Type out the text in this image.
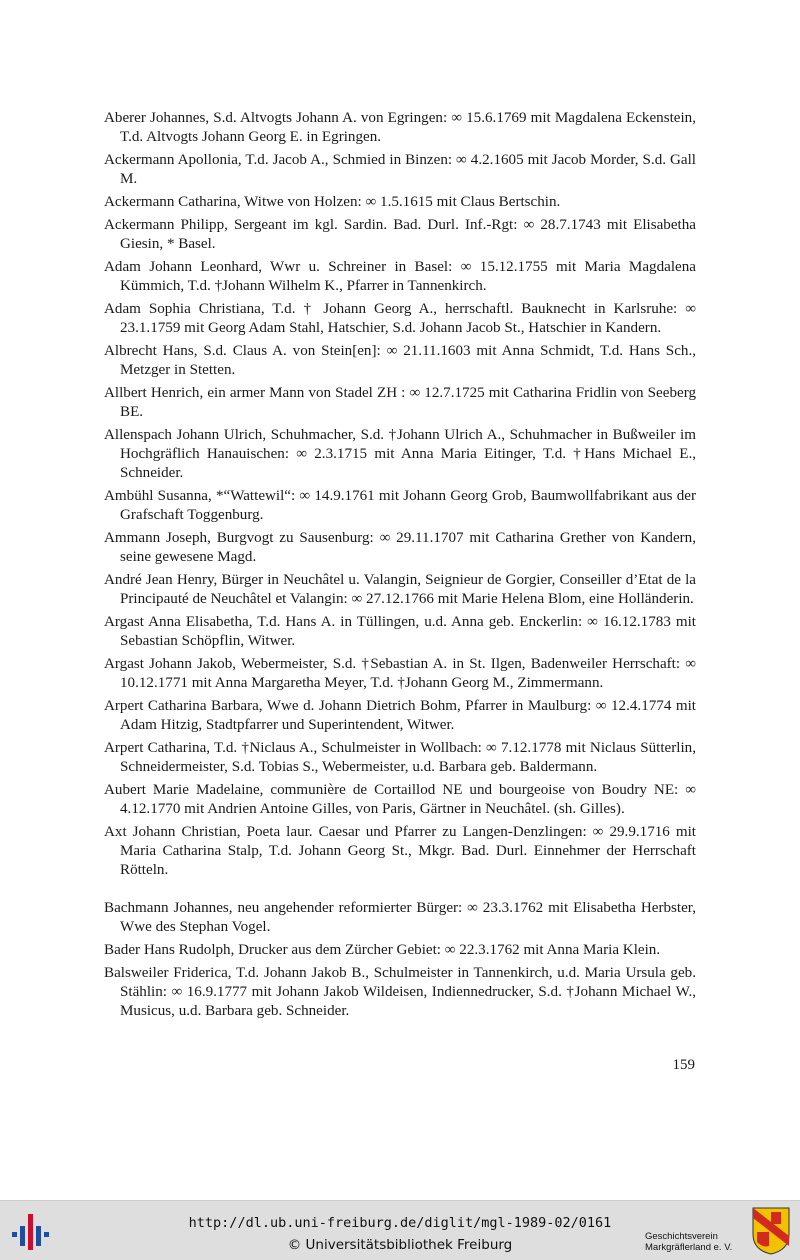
Aberer Johannes, S.d. Altvogts Johann A. von Egringen: ∞ 15.6.1769 mit Magdalena Eckenstein, T.d. Altvogts Johann Georg E. in Egringen.

Ackermann Apollonia, T.d. Jacob A., Schmied in Binzen: ∞ 4.2.1605 mit Jacob Morder, S.d. Gall M.

Ackermann Catharina, Witwe von Holzen: ∞ 1.5.1615 mit Claus Bertschin.

Ackermann Philipp, Sergeant im kgl. Sardin. Bad. Durl. Inf.-Rgt: ∞ 28.7.1743 mit Elisabetha Giesin, * Basel.

Adam Johann Leonhard, Wwr u. Schreiner in Basel: ∞ 15.12.1755 mit Maria Magdalena Kümmich, T.d. †Johann Wilhelm K., Pfarrer in Tannenkirch.

Adam Sophia Christiana, T.d. † Johann Georg A., herrschaftl. Bauknecht in Karlsruhe: ∞ 23.1.1759 mit Georg Adam Stahl, Hatschier, S.d. Johann Jacob St., Hatschier in Kandern.

Albrecht Hans, S.d. Claus A. von Stein[en]: ∞ 21.11.1603 mit Anna Schmidt, T.d. Hans Sch., Metzger in Stetten.

Allbert Henrich, ein armer Mann von Stadel ZH : ∞ 12.7.1725 mit Catharina Fridlin von Seeberg BE.

Allenspach Johann Ulrich, Schuhmacher, S.d. †Johann Ulrich A., Schuhmacher in Bußweiler im Hochgräflich Hanauischen: ∞ 2.3.1715 mit Anna Maria Eitinger, T.d. †Hans Michael E., Schneider.

Ambühl Susanna, *“Wattewil“: ∞ 14.9.1761 mit Johann Georg Grob, Baumwollfabrikant aus der Grafschaft Toggenburg.

Ammann Joseph, Burgvogt zu Sausenburg: ∞ 29.11.1707 mit Catharina Grether von Kandern, seine gewesene Magd.

André Jean Henry, Bürger in Neuchâtel u. Valangin, Seignieur de Gorgier, Conseiller d’Etat de la Principauté de Neuchâtel et Valangin: ∞ 27.12.1766 mit Marie Helena Blom, eine Holländerin.

Argast Anna Elisabetha, T.d. Hans A. in Tüllingen, u.d. Anna geb. Enckerlin: ∞ 16.12.1783 mit Sebastian Schöpflin, Witwer.

Argast Johann Jakob, Webermeister, S.d. †Sebastian A. in St. Ilgen, Badenweiler Herrschaft: ∞ 10.12.1771 mit Anna Margaretha Meyer, T.d. †Johann Georg M., Zimmermann.

Arpert Catharina Barbara, Wwe d. Johann Dietrich Bohm, Pfarrer in Maulburg: ∞ 12.4.1774 mit Adam Hitzig, Stadtpfarrer und Superintendent, Witwer.

Arpert Catharina, T.d. †Niclaus A., Schulmeister in Wollbach: ∞ 7.12.1778 mit Niclaus Sütterlin, Schneidermeister, S.d. Tobias S., Webermeister, u.d. Barbara geb. Baldermann.

Aubert Marie Madelaine, communière de Cortaillod NE und bourgeoise von Boudry NE: ∞ 4.12.1770 mit Andrien Antoine Gilles, von Paris, Gärtner in Neuchâtel. (sh. Gilles).

Axt Johann Christian, Poeta laur. Caesar und Pfarrer zu Langen-Denzlingen: ∞ 29.9.1716 mit Maria Catharina Stalp, T.d. Johann Georg St., Mkgr. Bad. Durl. Einnehmer der Herrschaft Rötteln.

Bachmann Johannes, neu angehender reformierter Bürger: ∞ 23.3.1762 mit Elisabetha Herbster, Wwe des Stephan Vogel.

Bader Hans Rudolph, Drucker aus dem Zürcher Gebiet: ∞ 22.3.1762 mit Anna Maria Klein.

Balsweiler Friderica, T.d. Johann Jakob B., Schulmeister in Tannenkirch, u.d. Maria Ursula geb. Stählin: ∞ 16.9.1777 mit Johann Jakob Wildeisen, Indiennedrucker, S.d. †Johann Michael W., Musicus, u.d. Barbara geb. Schneider.

159
http://dl.ub.uni-freiburg.de/diglit/mgl-1989-02/0161
© Universitätsbibliothek Freiburg
Geschichtsverein
Markgräflerland e. V.
